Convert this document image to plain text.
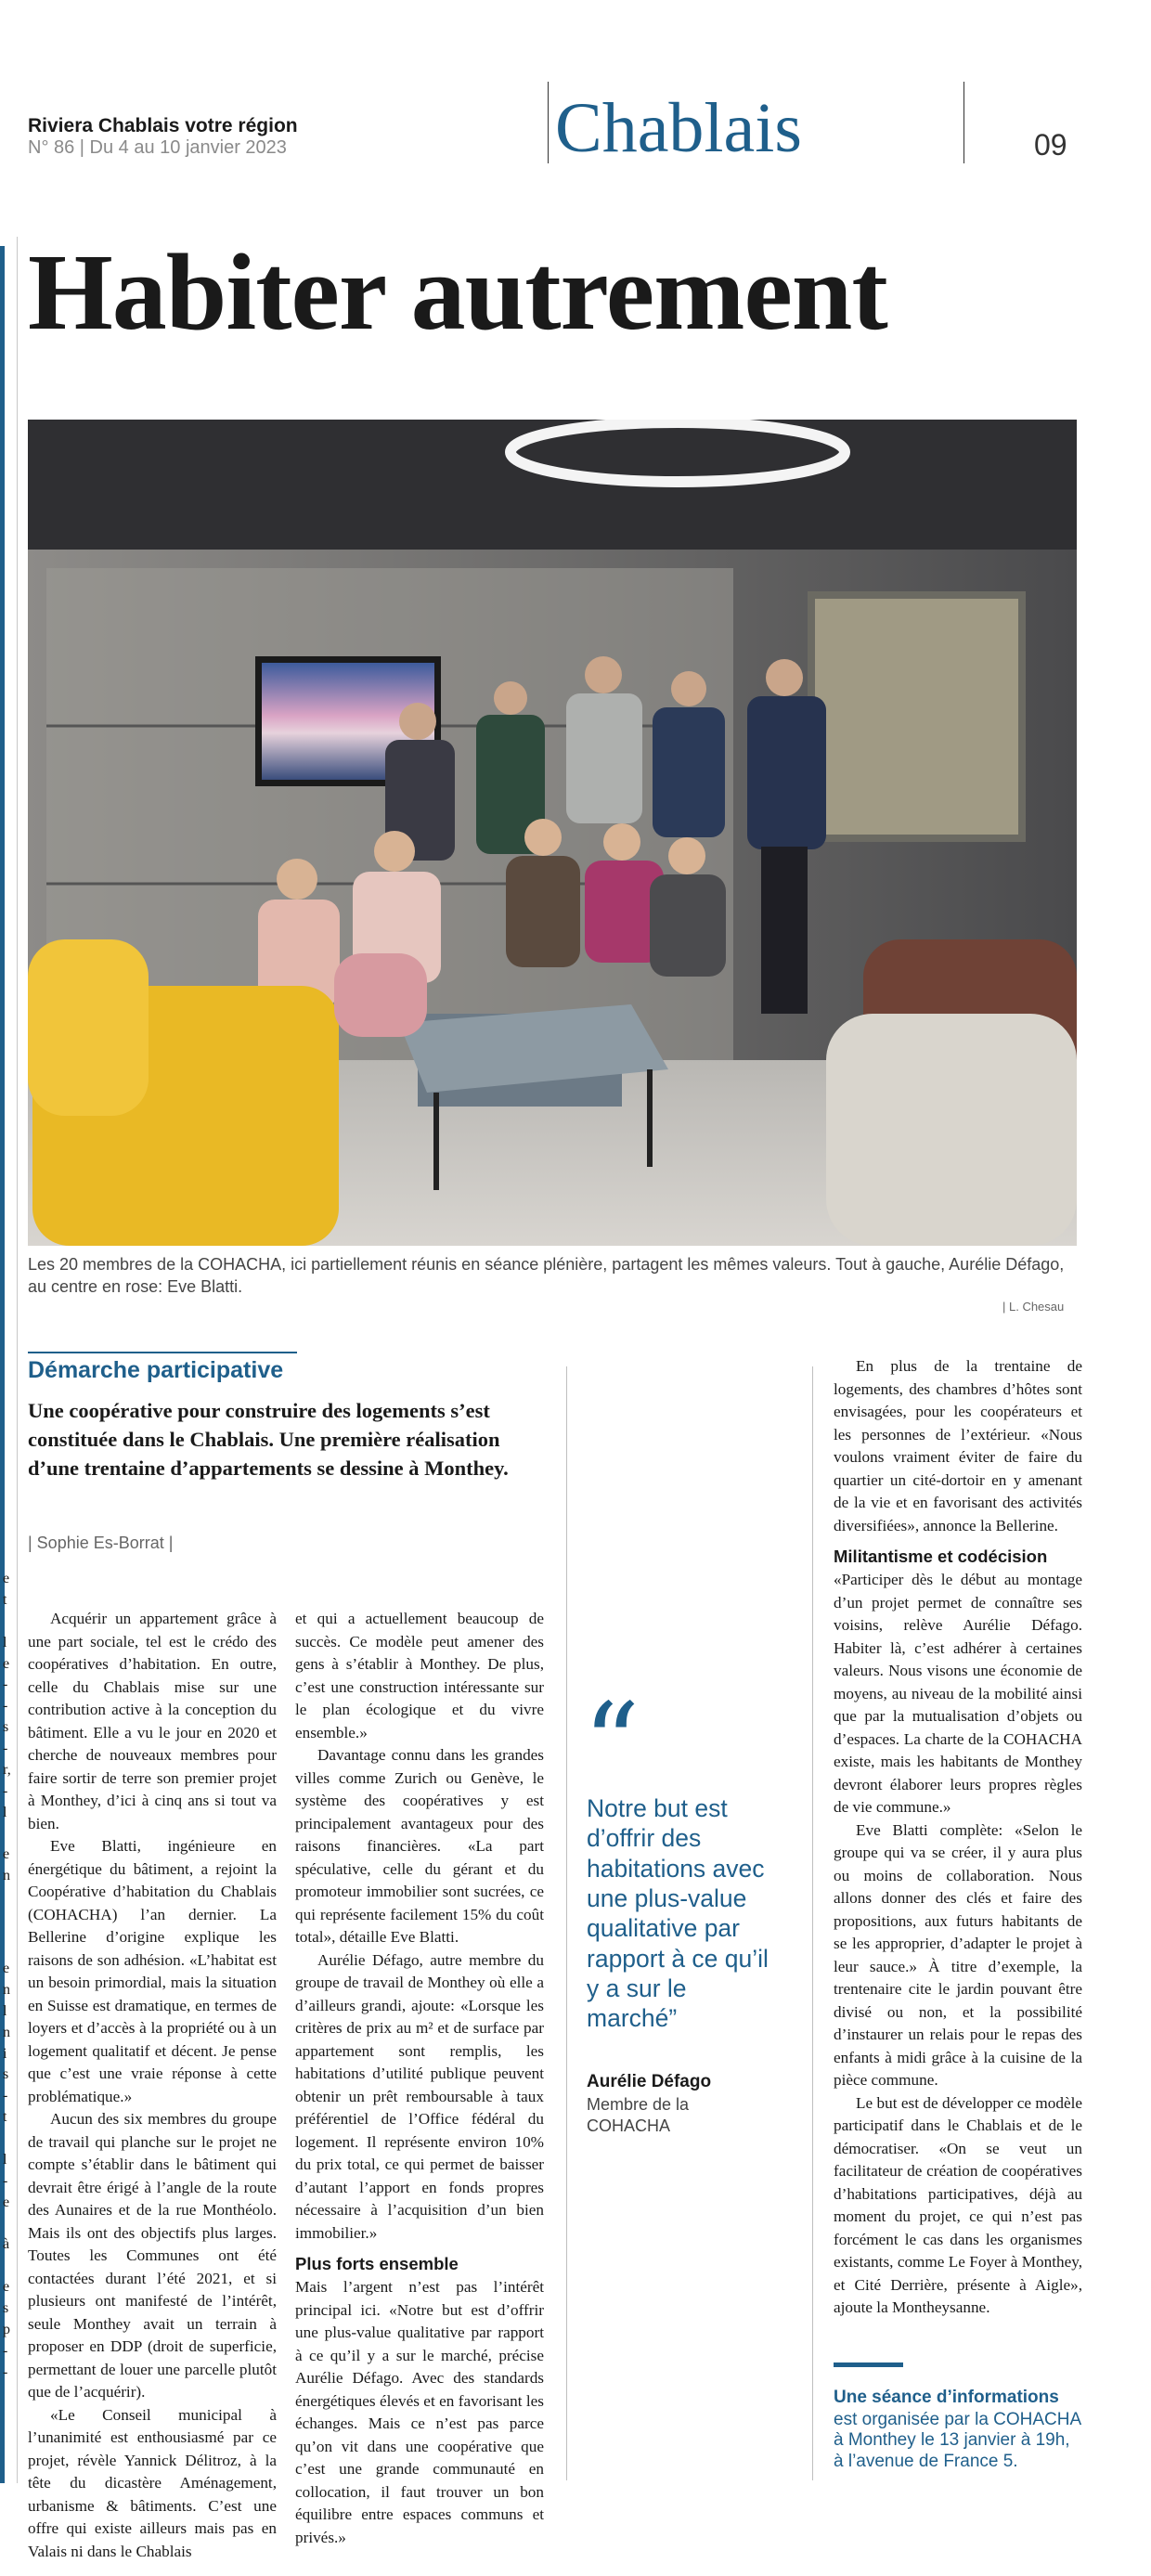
Riviera Chablais votre région
N° 86 | Du 4 au 10 janvier 2023	Chablais	09
Habiter autrement
Les 20 membres de la COHACHA, ici partiellement réunis en séance plénière, partagent les mêmes valeurs. Tout à gauche, Aurélie Défago, au centre en rose: Eve Blatti.
| L. Chesau
Démarche participative
Une coopérative pour construire des logements s’est constituée dans le Chablais. Une première réalisation d’une trentaine d’appartements se dessine à Monthey.
| Sophie Es-Borrat |

Acquérir un appartement grâce à une part sociale, tel est le crédo des coopératives d’habitation. En outre, celle du Chablais mise sur une contribution active à la conception du bâtiment. Elle a vu le jour en 2020 et cherche de nouveaux membres pour faire sortir de terre son premier projet à Monthey, d’ici à cinq ans si tout va bien.

Eve Blatti, ingénieure en énergétique du bâtiment, a rejoint la Coopérative d’habitation du Chablais (COHACHA) l’an dernier. La Bellerine d’origine explique les raisons de son adhésion. «L’habitat est un besoin primordial, mais la situation en Suisse est dramatique, en termes de loyers et d’accès à la propriété ou à un logement qualitatif et décent. Je pense que c’est une vraie réponse à cette problématique.»

Aucun des six membres du groupe de travail qui planche sur le projet ne compte s’établir dans le bâtiment qui devrait être érigé à l’angle de la route des Aunaires et de la rue Monthéolo. Mais ils ont des objectifs plus larges. Toutes les Communes ont été contactées durant l’été 2021, et si plusieurs ont manifesté de l’intérêt, seule Monthey avait un terrain à proposer en DDP (droit de superficie, permettant de louer une parcelle plutôt que de l’acquérir).

«Le Conseil municipal à l’unanimité est enthousiasmé par ce projet, révèle Yannick Délitroz, à la tête du dicastère Aménagement, urbanisme & bâtiments. C’est une offre qui existe ailleurs mais pas en Valais ni dans le Chablais

et qui a actuellement beaucoup de succès. Ce modèle peut amener des gens à s’établir à Monthey. De plus, c’est une construction intéressante sur le plan écologique et du vivre ensemble.»

Davantage connu dans les grandes villes comme Zurich ou Genève, le système des coopératives y est principalement avantageux pour des raisons financières. «La part spéculative, celle du gérant et du promoteur immobilier sont sucrées, ce qui représente facilement 15% du coût total», détaille Eve Blatti.

Aurélie Défago, autre membre du groupe de travail de Monthey où elle a d’ailleurs grandi, ajoute: «Lorsque les critères de prix au m² et de surface par appartement sont remplis, les habitations d’utilité publique peuvent obtenir un prêt remboursable à taux préférentiel de l’Office fédéral du logement. Il représente environ 10% du prix total, ce qui permet de baisser d’autant l’apport en fonds propres nécessaire à l’acquisition d’un bien immobilier.»

Plus forts ensemble

Mais l’argent n’est pas l’intérêt principal ici. «Notre but est d’offrir une plus-value qualitative par rapport à ce qu’il y a sur le marché, précise Aurélie Défago. Avec des standards énergétiques élevés et en favorisant les échanges. Mais ce n’est pas parce qu’on vit dans une coopérative que c’est une grande communauté en collocation, il faut trouver un bon équilibre entre espaces communs et privés.»

“
Notre but est d’offrir des habitations avec une plus-value qualitative par rapport à ce qu’il y a sur le marché”
Aurélie Défago
Membre de la COHACHA

En plus de la trentaine de logements, des chambres d’hôtes sont envisagées, pour les coopérateurs et les personnes de l’extérieur. «Nous voulons vraiment éviter de faire du quartier un cité-dortoir en y amenant de la vie et en favorisant des activités diversifiées», annonce la Bellerine.

Militantisme et codécision

«Participer dès le début au montage d’un projet permet de connaître ses voisins, relève Aurélie Défago. Habiter là, c’est adhérer à certaines valeurs. Nous visons une économie de moyens, au niveau de la mobilité ainsi que par la mutualisation d’objets ou d’espaces. La charte de la COHACHA existe, mais les habitants de Monthey devront élaborer leurs propres règles de vie commune.»

Eve Blatti complète: «Selon le groupe qui va se créer, il y aura plus ou moins de collaboration. Nous allons donner des clés et faire des propositions, aux futurs habitants de se les approprier, d’adapter le projet à leur sauce.» À titre d’exemple, la trentenaire cite le jardin pouvant être divisé ou non, et la possibilité d’instaurer un relais pour le repas des enfants à midi grâce à la cuisine de la pièce commune.

Le but est de développer ce modèle participatif dans le Chablais et de le démocratiser. «On se veut un facilitateur de création de coopératives d’habitations participatives, déjà au moment du projet, ce qui n’est pas forcément le cas dans les organismes existants, comme Le Foyer à Monthey, et Cité Derrière, présente à Aigle», ajoute la Montheysanne.

Une séance d’informations
est organisée par la COHACHA à Monthey le 13 janvier à 19h, à l’avenue de France 5.
e
t

l
e
-
-
s
-
r,
-
l

e
n

e
n
l
n
i
s
-
t

l
-
e

à

e
s
p
-
-
